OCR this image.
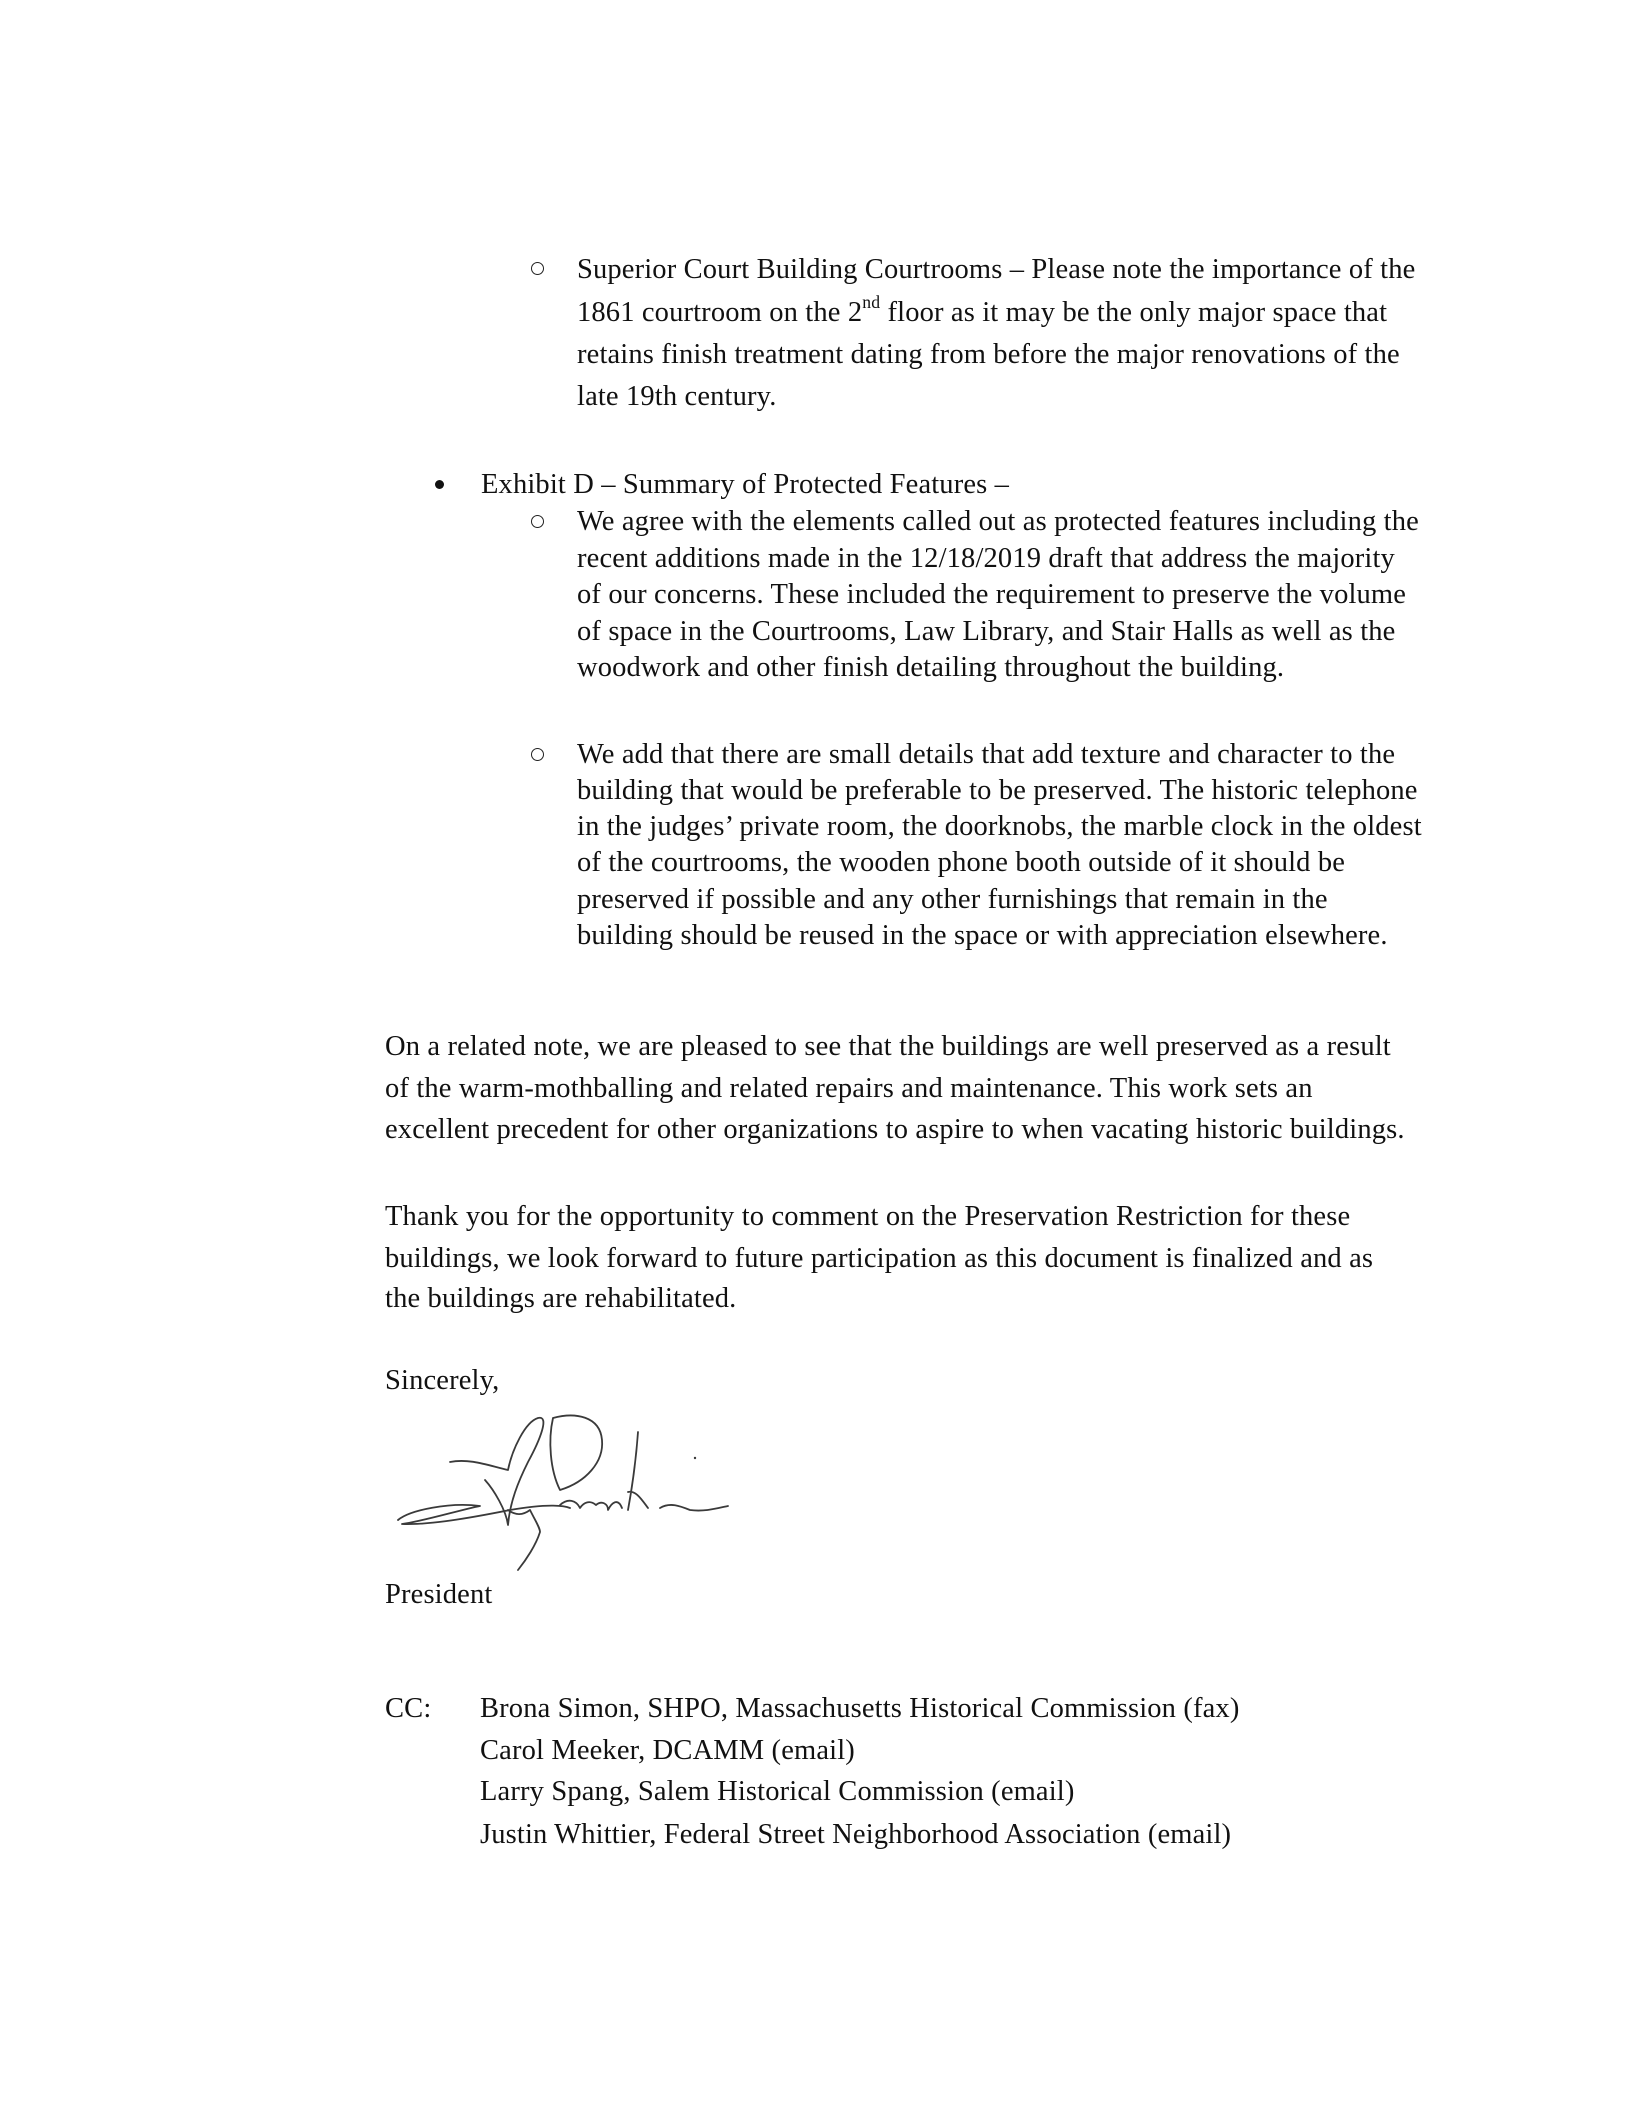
Superior Court Building Courtrooms – Please note the importance of the
1861 courtroom on the 2nd floor as it may be the only major space that
retains finish treatment dating from before the major renovations of the
late 19th century.
Exhibit D – Summary of Protected Features –
We agree with the elements called out as protected features including the
recent additions made in the 12/18/2019 draft that address the majority
of our concerns. These included the requirement to preserve the volume
of space in the Courtrooms, Law Library, and Stair Halls as well as the
woodwork and other finish detailing throughout the building.
We add that there are small details that add texture and character to the
building that would be preferable to be preserved. The historic telephone
in the judges’ private room, the doorknobs, the marble clock in the oldest
of the courtrooms, the wooden phone booth outside of it should be
preserved if possible and any other furnishings that remain in the
building should be reused in the space or with appreciation elsewhere.
On a related note, we are pleased to see that the buildings are well preserved as a result
of the warm-mothballing and related repairs and maintenance. This work sets an
excellent precedent for other organizations to aspire to when vacating historic buildings.
Thank you for the opportunity to comment on the Preservation Restriction for these
buildings, we look forward to future participation as this document is finalized and as
the buildings are rehabilitated.
Sincerely,
President
CC: Brona Simon, SHPO, Massachusetts Historical Commission (fax)
Carol Meeker, DCAMM (email)
Larry Spang, Salem Historical Commission (email)
Justin Whittier, Federal Street Neighborhood Association (email)
